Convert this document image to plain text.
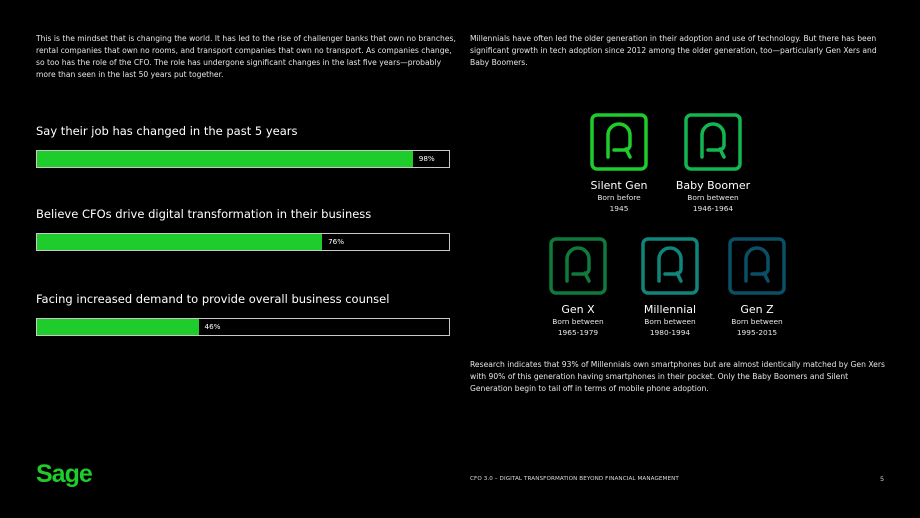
This is the mindset that is changing the world. It has led to the rise of challenger banks that own no branches, rental companies that own no rooms, and transport companies that own no transport. As companies change, so too has the role of the CFO. The role has undergone significant changes in the last five years—probably more than seen in the last 50 years put together.
Millennials have often led the older generation in their adoption and use of technology. But there has been significant growth in tech adoption since 2012 among the older generation, too—particularly Gen Xers and Baby Boomers.
Say their job has changed in the past 5 years
98%
Believe CFOs drive digital transformation in their business
76%
Facing increased demand to provide overall business counsel
46%
Silent Gen
Born before
1945
Baby Boomer
Born between
1946-1964
Gen X
Born between
1965-1979
Millennial
Born between
1980-1994
Gen Z
Born between
1995-2015
Research indicates that 93% of Millennials own smartphones but are almost identically matched by Gen Xers with 90% of this generation having smartphones in their pocket. Only the Baby Boomers and Silent Generation begin to tail off in terms of mobile phone adoption.
Sage	CFO 3.0 – DIGITAL TRANSFORMATION BEYOND FINANCIAL MANAGEMENT	5
